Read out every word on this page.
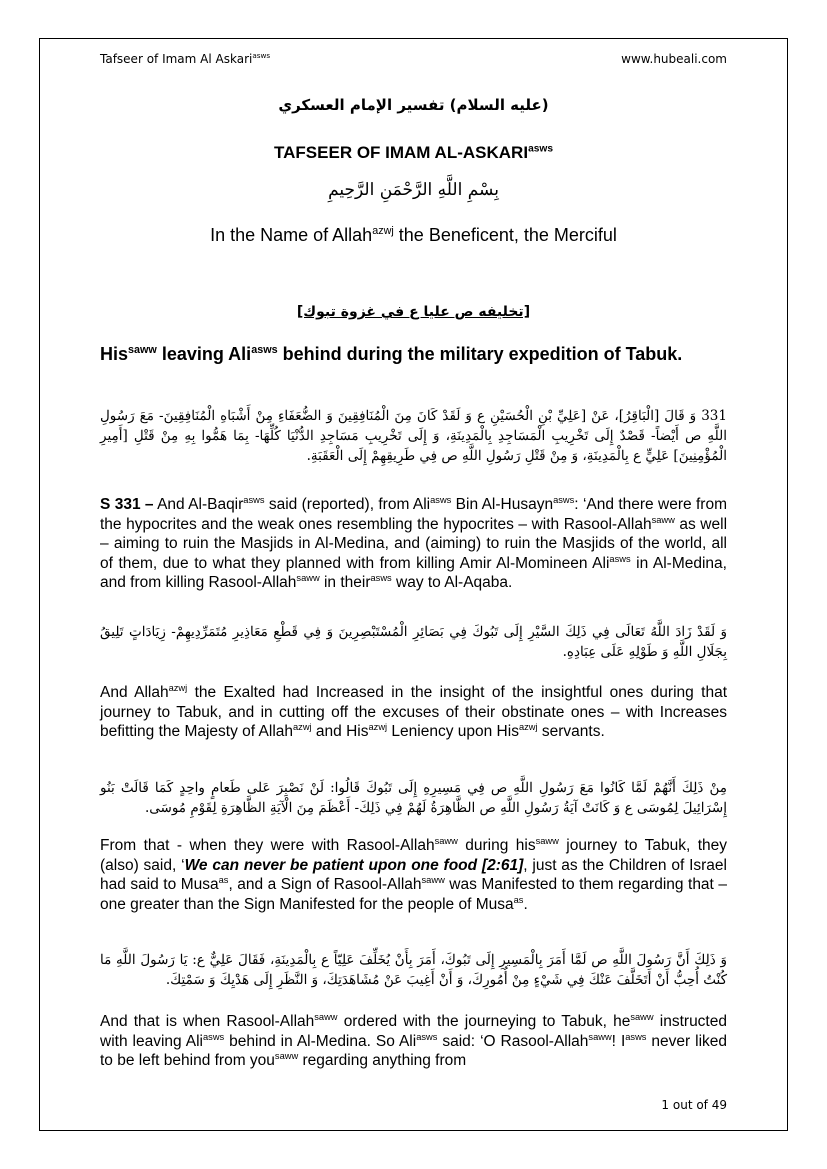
Tafseer of Imam Al Askari$^{asws}$	www.hubeali.com
(عليه السلام) تفسير الإمام العسكري
TAFSEER OF IMAM $AL-ASKARI^{asws}$
بِسْمِ اللَّهِ الرَّحْمَنِ الرَّحِيمِ
In the Name of Allah$^{azwj}$ the Beneficent, the Merciful
[تخليفه ص عليا ع في غزوة تبوك]
His$^{saww}$ leaving Ali$^{asws}$ behind during the military expedition of Tabuk.
331 وَ قَالَ [الْبَاقِرُ]، عَنْ [عَلِيِّ بْنِ الْحُسَيْنِ ع وَ لَقَدْ كَانَ مِنَ الْمُنَافِقِينَ وَ الضُّعَفَاءِ مِنْ أَشْبَاهِ الْمُنَافِقِينَ- مَعَ رَسُولِ اللَّهِ ص أَيْضاً- قَصْدٌ إِلَى تَخْرِيبِ الْمَسَاجِدِ بِالْمَدِينَةِ، وَ إِلَى تَخْرِيبِ مَسَاجِدِ الدُّنْيَا كُلِّهَا- بِمَا هَمُّوا بِهِ مِنْ قَتْلِ [أَمِيرِ الْمُؤْمِنِينَ] عَلِيٍّ ع بِالْمَدِينَةِ، وَ مِنْ قَتْلِ رَسُولِ اللَّهِ ص فِي طَرِيقِهِمْ إِلَى الْعَقَبَةِ.
S 331 – And Al-Baqir$^{asws}$ said (reported), from Ali$^{asws}$ Bin Al-Husayn$^{asws}$: ‘And there were from the hypocrites and the weak ones resembling the hypocrites – with Rasool-Allah$^{saww}$ as well – aiming to ruin the Masjids in Al-Medina, and (aiming) to ruin the Masjids of the world, all of them, due to what they planned with from killing Amir Al-Momineen Ali$^{asws}$ in Al-Medina, and from killing Rasool-Allah$^{saww}$ in their$^{asws}$ way to Al-Aqaba.
وَ لَقَدْ زَادَ اللَّهُ تَعَالَى فِي ذَلِكَ السَّيْرِ إِلَى تَبُوكَ فِي بَصَائِرِ الْمُسْتَبْصِرِينَ وَ فِي قَطْعِ مَعَاذِيرِ مُتَمَرِّدِيهِمْ- زِيَادَاتٍ تَلِيقُ بِجَلَالِ اللَّهِ وَ طَوْلِهِ عَلَى عِبَادِهِ.
And Allah$^{azwj}$ the Exalted had Increased in the insight of the insightful ones during that journey to Tabuk, and in cutting off the excuses of their obstinate ones – with Increases befitting the Majesty of Allah$^{azwj}$ and His$^{azwj}$ Leniency upon His$^{azwj}$ servants.
مِنْ ذَلِكَ أَنَّهُمْ لَمَّا كَانُوا مَعَ رَسُولِ اللَّهِ ص فِي مَسِيرِهِ إِلَى تَبُوكَ قَالُوا: لَنْ نَصْبِرَ عَلى‏ طَعامٍ واحِدٍ كَمَا قَالَتْ بَنُو إِسْرَائِيلَ لِمُوسَى ع وَ كَانَتْ آيَةُ رَسُولِ اللَّهِ ص الظَّاهِرَةُ لَهُمْ فِي ذَلِكَ- أَعْظَمَ مِنَ الْآيَةِ الظَّاهِرَةِ لِقَوْمِ مُوسَى.
From that - when they were with Rasool-Allah$^{saww}$ during his$^{saww}$ journey to Tabuk, they (also) said, ‘We can never be patient upon one food [2:61], just as the Children of Israel had said to Musa$^{as}$, and a Sign of Rasool-Allah$^{saww}$ was Manifested to them regarding that – one greater than the Sign Manifested for the people of Musa$^{as}$.
وَ ذَلِكَ أَنَّ رَسُولَ اللَّهِ ص لَمَّا أَمَرَ بِالْمَسِيرِ إِلَى تَبُوكَ، أَمَرَ بِأَنْ يُخَلِّفَ عَلِيّاً ع بِالْمَدِينَةِ، فَقَالَ عَلِيٌّ ع: يَا رَسُولَ اللَّهِ مَا كُنْتُ أُحِبُّ أَنْ أَتَخَلَّفَ عَنْكَ فِي شَيْ‏ءٍ مِنْ أُمُورِكَ، وَ أَنْ أَغِيبَ عَنْ مُشَاهَدَتِكَ، وَ النَّظَرِ إِلَى هَدْيِكَ وَ سَمْتِكَ.
And that is when Rasool-Allah$^{saww}$ ordered with the journeying to Tabuk, $he^{saww}$ instructed with leaving Ali$^{asws}$ behind in Al-Medina. So Ali$^{asws}$ said: ‘O Rasool-Allah$^{saww}$! $I^{asws}$ never liked to be left behind from you$^{saww}$ regarding anything from
1 out of 49
